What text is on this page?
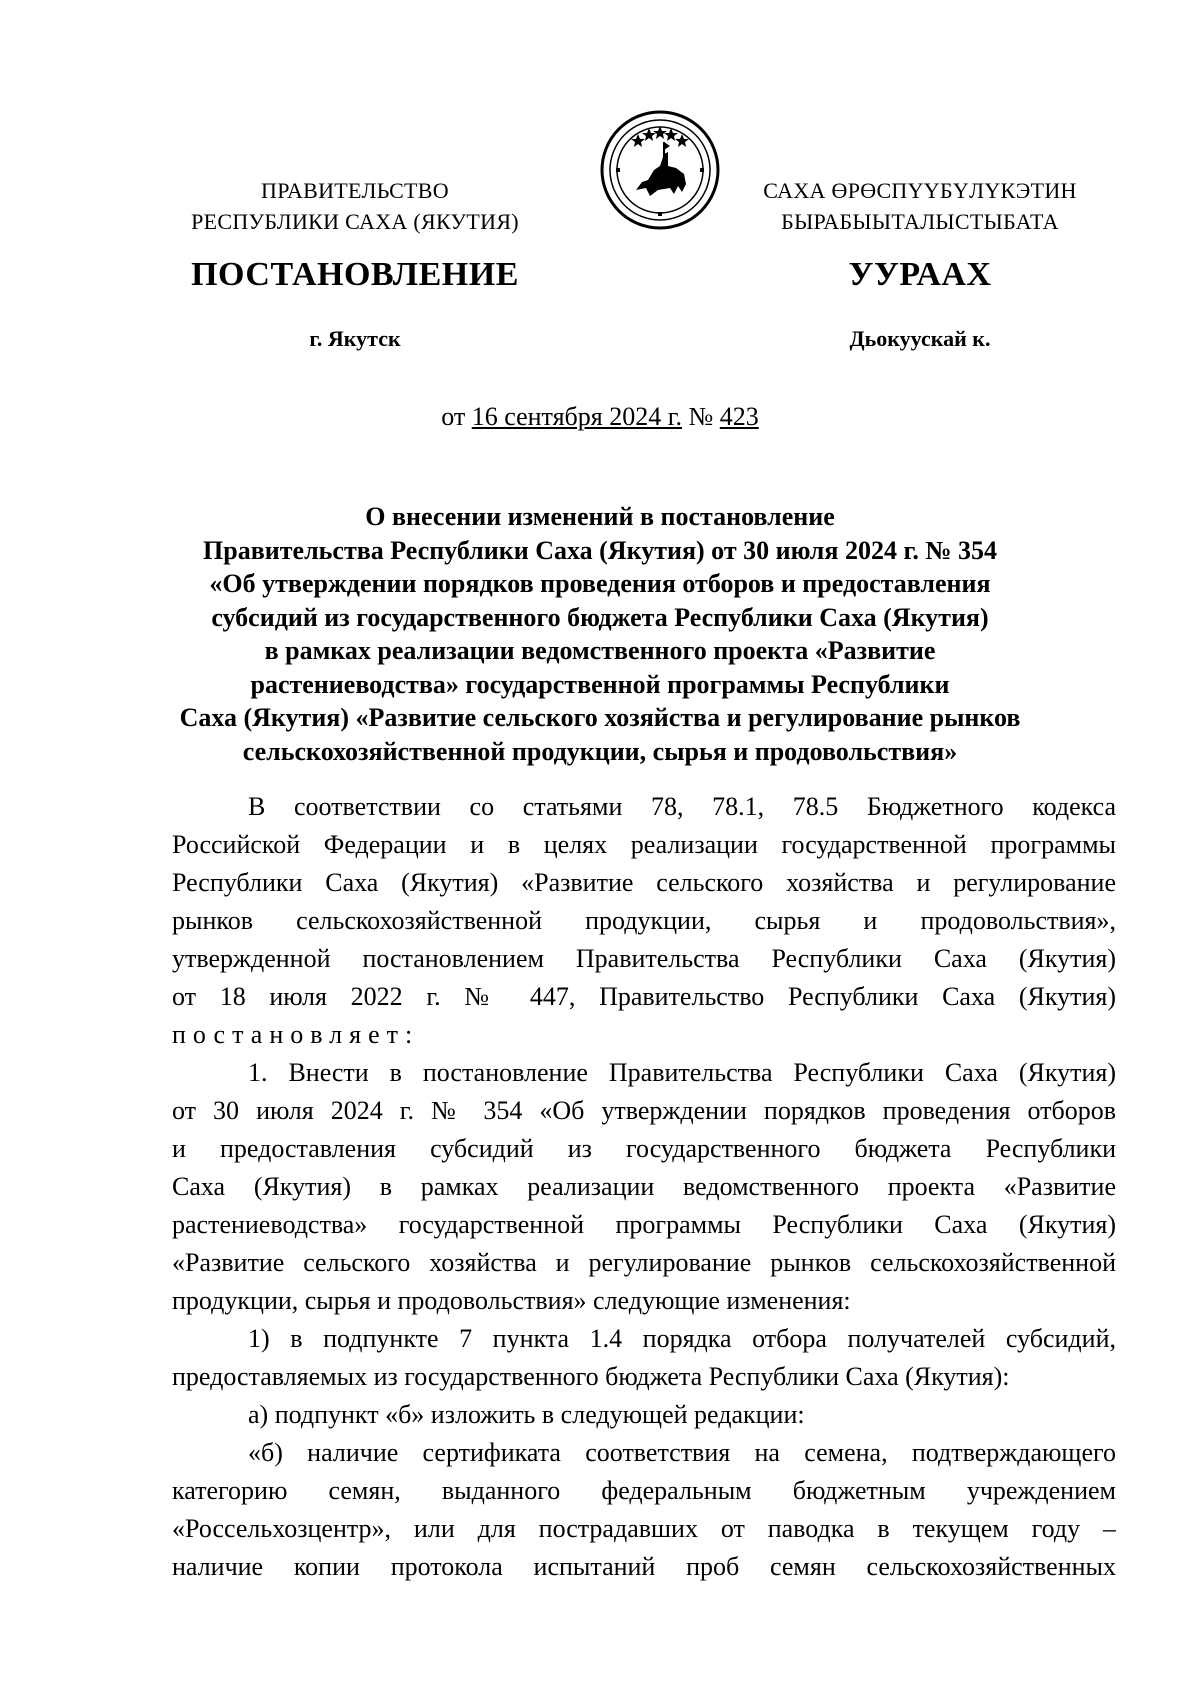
ПРАВИТЕЛЬСТВО
РЕСПУБЛИКИ САХА (ЯКУТИЯ)
САХА ӨРӨСПҮҮБҮЛҮКЭТИН
БЫРАБЫЫТАЛЫСТЫБАТА
ПОСТАНОВЛЕНИЕ	УУРААХ
г. Якутск	Дьокуускай к.
от 16 сентября 2024 г. № 423
О внесении изменений в постановление
Правительства Республики Саха (Якутия) от 30 июля 2024 г. № 354
«Об утверждении порядков проведения отборов и предоставления
субсидий из государственного бюджета Республики Саха (Якутия)
в рамках реализации ведомственного проекта «Развитие
растениеводства» государственной программы Республики
Саха (Якутия) «Развитие сельского хозяйства и регулирование рынков
сельскохозяйственной продукции, сырья и продовольствия»
В соответствии со статьями 78, 78.1, 78.5 Бюджетного кодекса
Российской Федерации и в целях реализации государственной программы
Республики Саха (Якутия) «Развитие сельского хозяйства и регулирование
рынков сельскохозяйственной продукции, сырья и продовольствия»,
утвержденной постановлением Правительства Республики Саха (Якутия)
от 18 июля 2022 г. № 447, Правительство Республики Саха (Якутия)
постановляет:
1. Внести в постановление Правительства Республики Саха (Якутия)
от 30 июля 2024 г. № 354 «Об утверждении порядков проведения отборов
и предоставления субсидий из государственного бюджета Республики
Саха (Якутия) в рамках реализации ведомственного проекта «Развитие
растениеводства» государственной программы Республики Саха (Якутия)
«Развитие сельского хозяйства и регулирование рынков сельскохозяйственной
продукции, сырья и продовольствия» следующие изменения:
1) в подпункте 7 пункта 1.4 порядка отбора получателей субсидий,
предоставляемых из государственного бюджета Республики Саха (Якутия):
а) подпункт «б» изложить в следующей редакции:
«б) наличие сертификата соответствия на семена, подтверждающего
категорию семян, выданного федеральным бюджетным учреждением
«Россельхозцентр», или для пострадавших от паводка в текущем году –
наличие копии протокола испытаний проб семян сельскохозяйственных
